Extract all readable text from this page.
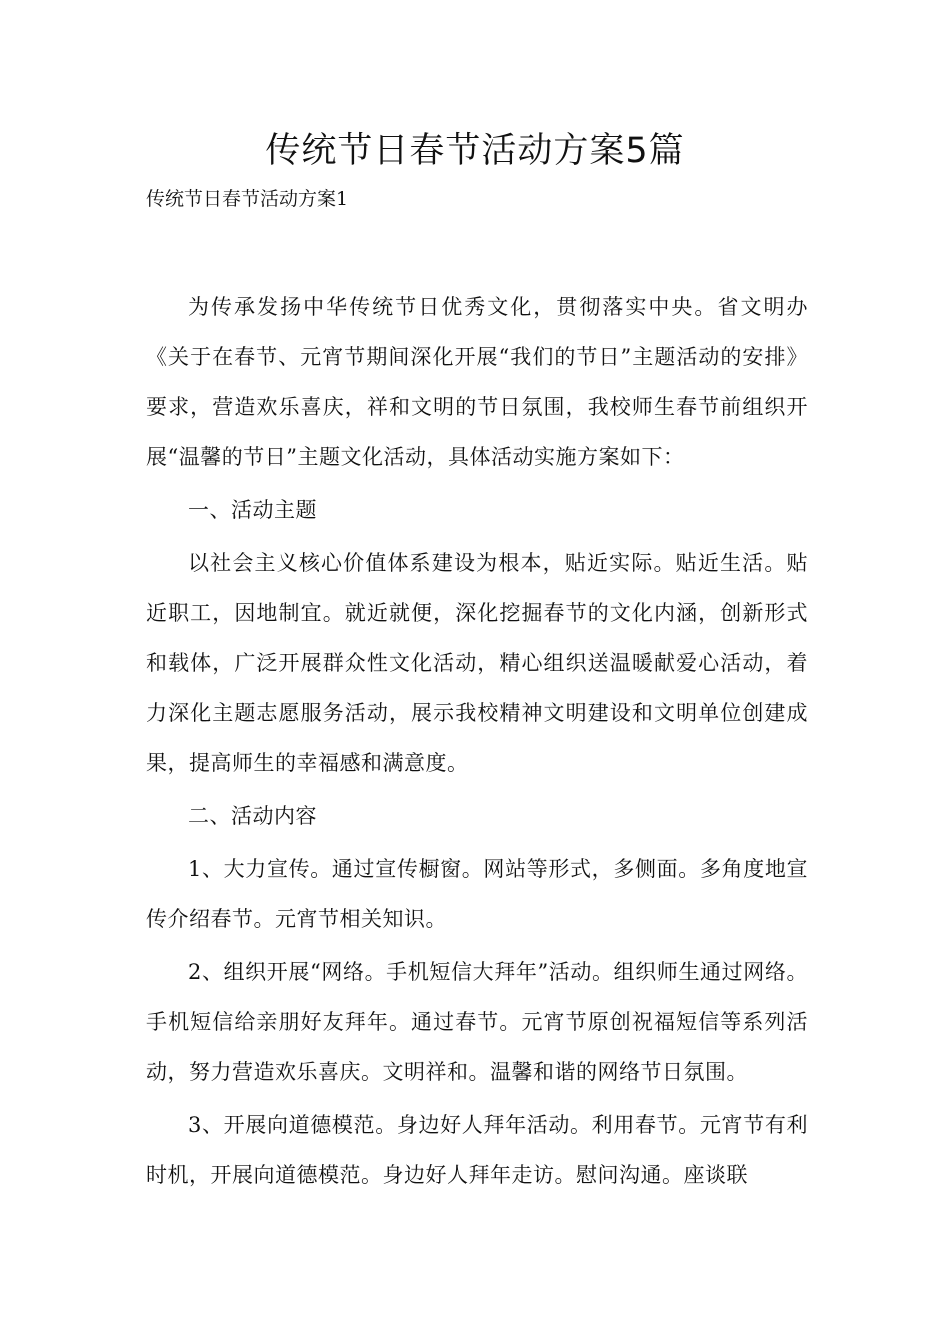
传统节日春节活动方案5篇

传统节日春节活动方案1

为传承发扬中华传统节日优秀文化，贯彻落实中央。省文明办《关于在春节、元宵节期间深化开展“我们的节日”主题活动的安排》要求，营造欢乐喜庆，祥和文明的节日氛围，我校师生春节前组织开展“温馨的节日”主题文化活动，具体活动实施方案如下：

一、活动主题

以社会主义核心价值体系建设为根本，贴近实际。贴近生活。贴近职工，因地制宜。就近就便，深化挖掘春节的文化内涵，创新形式和载体，广泛开展群众性文化活动，精心组织送温暖献爱心活动，着力深化主题志愿服务活动，展示我校精神文明建设和文明单位创建成果，提高师生的幸福感和满意度。

二、活动内容

1、大力宣传。通过宣传橱窗。网站等形式，多侧面。多角度地宣传介绍春节。元宵节相关知识。

2、组织开展“网络。手机短信大拜年”活动。组织师生通过网络。手机短信给亲朋好友拜年。通过春节。元宵节原创祝福短信等系列活动，努力营造欢乐喜庆。文明祥和。温馨和谐的网络节日氛围。

3、开展向道德模范。身边好人拜年活动。利用春节。元宵节有利时机，开展向道德模范。身边好人拜年走访。慰问沟通。座谈联
